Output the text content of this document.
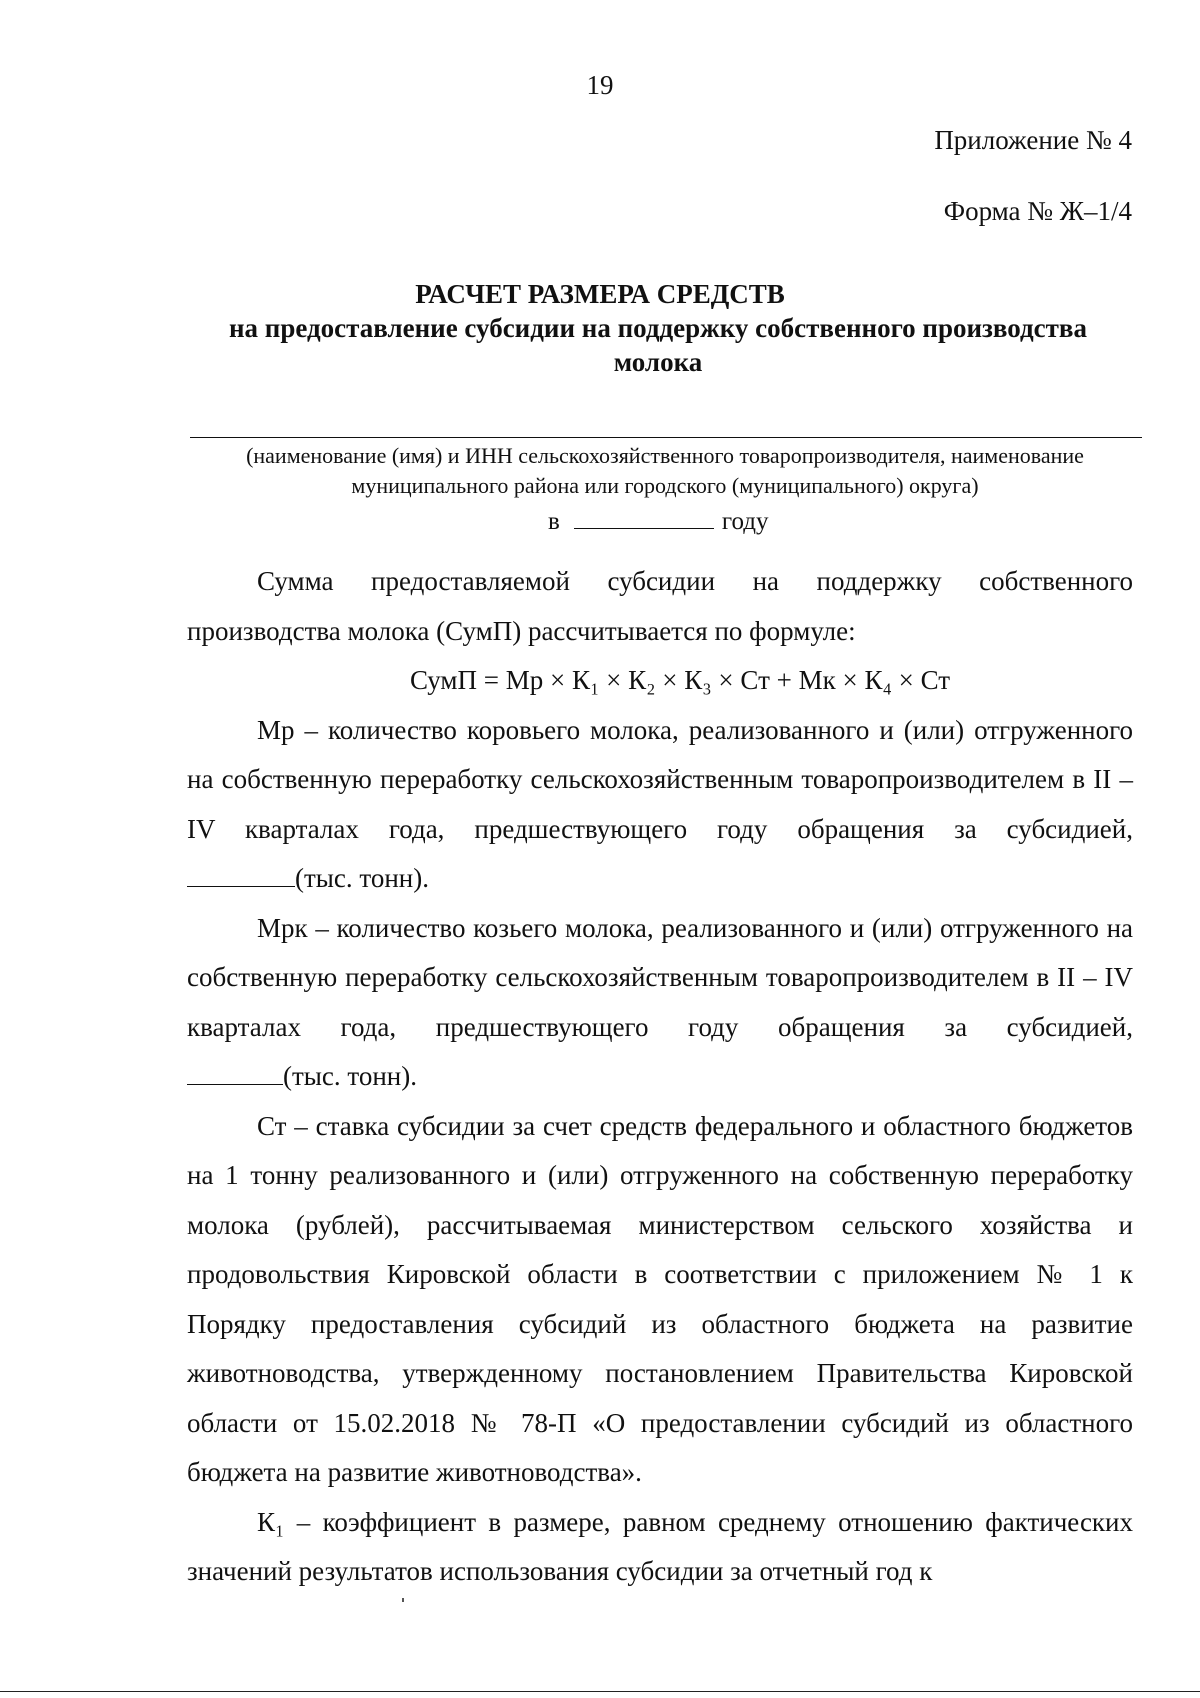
19
Приложение № 4
Форма № Ж–1/4
РАСЧЕТ РАЗМЕРА СРЕДСТВ
на предоставление субсидии на поддержку собственного производства
молока
(наименование (имя) и ИНН сельскохозяйственного товаропроизводителя, наименование
муниципального района или городского (муниципального) округа)
в	году

Сумма предоставляемой субсидии на поддержку собственного производства молока (СумП) рассчитывается по формуле:

СумП = Мр × К₁ × К₂ × К₃ × Ст + Мк × К₄ × Ст

Мр – количество коровьего молока, реализованного и (или) отгруженного на собственную переработку сельскохозяйственным товаропроизводителем в II – IV кварталах года, предшествующего году обращения за субсидией, (тыс. тонн).

Мрк – количество козьего молока, реализованного и (или) отгруженного на собственную переработку сельскохозяйственным товаропроизводителем в II – IV кварталах года, предшествующего году обращения за субсидией, (тыс. тонн).

Ст – ставка субсидии за счет средств федерального и областного бюджетов на 1 тонну реализованного и (или) отгруженного на собственную переработку молока (рублей), рассчитываемая министерством сельского хозяйства и продовольствия Кировской области в соответствии с приложением № 1 к Порядку предоставления субсидий из областного бюджета на развитие животноводства, утвержденному постановлением Правительства Кировской области от 15.02.2018 № 78-П «О предоставлении субсидий из областного бюджета на развитие животноводства».

К₁ – коэффициент в размере, равном среднему отношению фактических значений результатов использования субсидии за отчетный год к
